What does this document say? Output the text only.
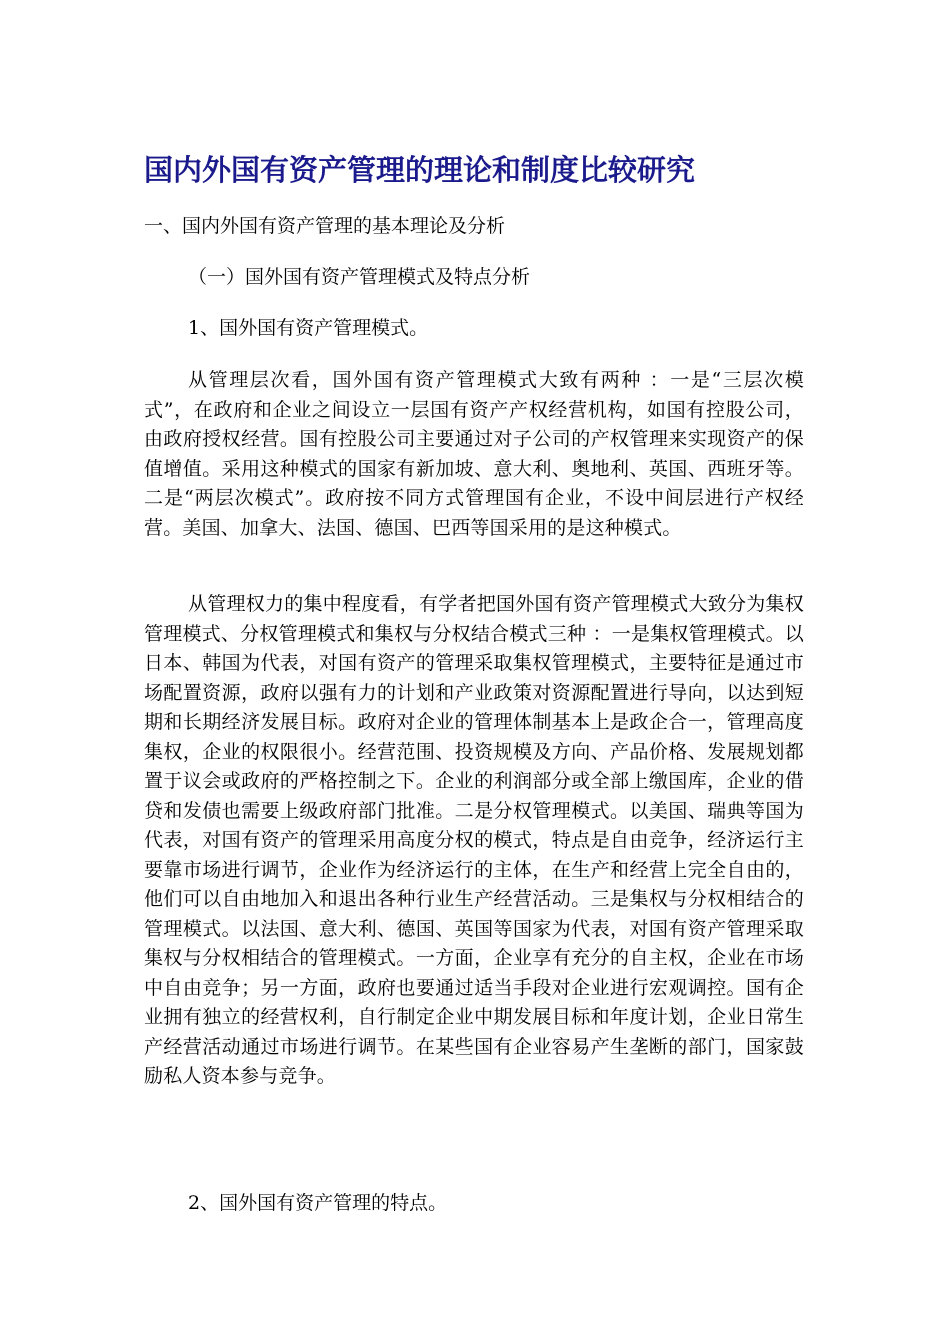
国内外国有资产管理的理论和制度比较研究

一、国内外国有资产管理的基本理论及分析

（一）国外国有资产管理模式及特点分析

1、国外国有资产管理模式。

从管理层次看，国外国有资产管理模式大致有两种 ：一是“三层次模式”，在政府和企业之间设立一层国有资产产权经营机构，如国有控股公司，由政府授权经营。国有控股公司主要通过对子公司的产权管理来实现资产的保值增值。采用这种模式的国家有新加坡、意大利、奥地利、英国、西班牙等。二是“两层次模式”。政府按不同方式管理国有企业，不设中间层进行产权经营。美国、加拿大、法国、德国、巴西等国采用的是这种模式。

从管理权力的集中程度看，有学者把国外国有资产管理模式大致分为集权管理模式、分权管理模式和集权与分权结合模式三种 ：一是集权管理模式。以日本、韩国为代表，对国有资产的管理采取集权管理模式，主要特征是通过市场配置资源，政府以强有力的计划和产业政策对资源配置进行导向，以达到短期和长期经济发展目标。政府对企业的管理体制基本上是政企合一，管理高度集权，企业的权限很小。经营范围、投资规模及方向、产品价格、发展规划都置于议会或政府的严格控制之下。企业的利润部分或全部上缴国库，企业的借贷和发债也需要上级政府部门批准。二是分权管理模式。以美国、瑞典等国为代表，对国有资产的管理采用高度分权的模式，特点是自由竞争，经济运行主要靠市场进行调节，企业作为经济运行的主体，在生产和经营上完全自由的，他们可以自由地加入和退出各种行业生产经营活动。三是集权与分权相结合的管理模式。以法国、意大利、德国、英国等国家为代表，对国有资产管理采取集权与分权相结合的管理模式。一方面，企业享有充分的自主权，企业在市场中自由竞争；另一方面，政府也要通过适当手段对企业进行宏观调控。国有企业拥有独立的经营权利，自行制定企业中期发展目标和年度计划，企业日常生产经营活动通过市场进行调节。在某些国有企业容易产生垄断的部门，国家鼓励私人资本参与竞争。

2、国外国有资产管理的特点。
